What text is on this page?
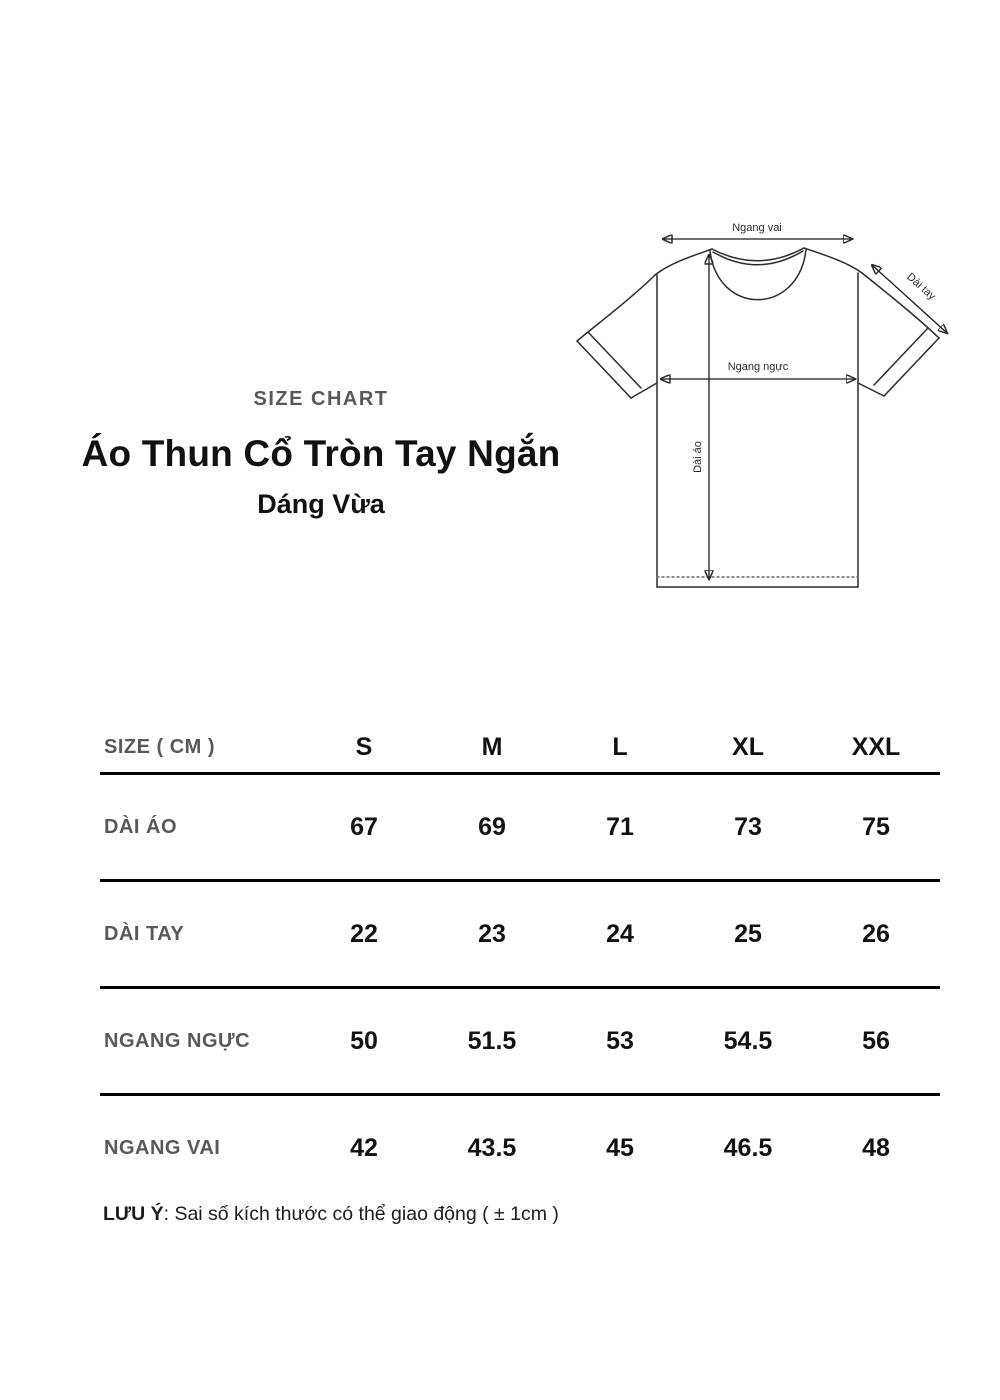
Ngang vai
Dài tay
Ngang ngực
Dài áo

SIZE CHART

Áo Thun Cổ Tròn Tay Ngắn

Dáng Vừa

SIZE ( CM )	S	M	L	XL	XXL
DÀI ÁO	67	69	71	73	75
DÀI TAY	22	23	24	25	26
NGANG NGỰC	50	51.5	53	54.5	56
NGANG VAI	42	43.5	45	46.5	48

LƯU Ý: Sai số kích thước có thể giao động ( ± 1cm )
